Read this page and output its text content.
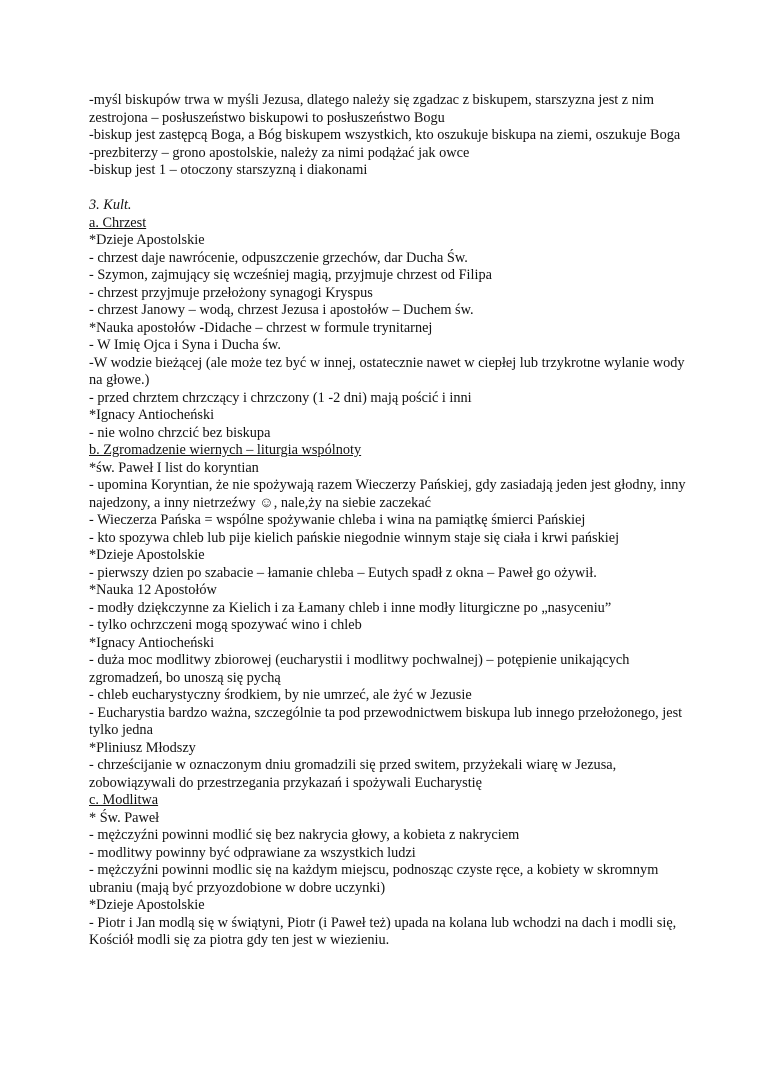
-myśl biskupów trwa w myśli Jezusa, dlatego należy się zgadzac z biskupem, starszyzna jest z nim zestrojona – posłuszeństwo biskupowi to posłuszeństwo Bogu

-biskup jest zastępcą Boga, a Bóg biskupem wszystkich, kto oszukuje biskupa na ziemi, oszukuje Boga

-prezbiterzy – grono apostolskie, należy za nimi podążać jak owce

-biskup jest 1 – otoczony starszyzną i diakonami

3. Kult.

a. Chrzest

*Dzieje Apostolskie

- chrzest daje nawrócenie, odpuszczenie grzechów, dar Ducha Św.

- Szymon, zajmujący się wcześniej magią, przyjmuje chrzest od Filipa

- chrzest przyjmuje przełożony synagogi Kryspus

- chrzest Janowy – wodą, chrzest Jezusa i apostołów – Duchem św.

*Nauka apostołów -Didache – chrzest w formule trynitarnej

- W Imię Ojca i Syna i Ducha św.

-W wodzie bieżącej (ale może tez być w innej, ostatecznie nawet w ciepłej lub trzykrotne wylanie wody na głowe.)

- przed chrztem chrzczący i chrzczony (1 -2 dni) mają pościć i inni

*Ignacy Antiocheński

- nie wolno chrzcić bez biskupa

b. Zgromadzenie wiernych – liturgia wspólnoty

*św. Paweł I list do koryntian

- upomina Koryntian, że nie spożywają razem Wieczerzy Pańskiej, gdy zasiadają jeden jest głodny, inny najedzony, a inny nietrzeźwy ☺, nale,ży na siebie zaczekać

- Wieczerza Pańska = wspólne spożywanie chleba i wina na pamiątkę śmierci Pańskiej

- kto spozywa chleb lub pije kielich pańskie niegodnie winnym staje się ciała i krwi pańskiej

*Dzieje Apostolskie

- pierwszy dzien po szabacie – łamanie chleba – Eutych spadł z okna – Paweł go ożywił.

*Nauka 12 Apostołów

- modły dziękczynne za Kielich i za Łamany chleb i inne modły liturgiczne po „nasyceniu”

- tylko ochrzczeni mogą spozywać wino i chleb

*Ignacy Antiocheński

- duża moc modlitwy zbiorowej (eucharystii i modlitwy pochwalnej) – potępienie unikających zgromadzeń, bo unoszą się pychą

- chleb eucharystyczny środkiem, by nie umrzeć, ale żyć w Jezusie

- Eucharystia bardzo ważna, szczególnie ta pod przewodnictwem biskupa lub innego przełożonego, jest tylko jedna

*Pliniusz Młodszy

- chrześcijanie w oznaczonym dniu gromadzili się przed switem, przyżekali wiarę w Jezusa, zobowiązywali do przestrzegania przykazań i spożywali Eucharystię

c. Modlitwa

* Św. Paweł

- mężczyźni powinni modlić się bez nakrycia głowy, a kobieta z nakryciem

- modlitwy powinny być odprawiane za wszystkich ludzi

- mężczyźni powinni modlic się na każdym miejscu, podnosząc czyste ręce, a kobiety w skromnym ubraniu (mają być przyozdobione w dobre uczynki)

*Dzieje Apostolskie

- Piotr i Jan modlą się w świątyni, Piotr (i Paweł też) upada na kolana lub wchodzi na dach i modli się, Kościół modli się za piotra gdy ten jest w wiezieniu.
